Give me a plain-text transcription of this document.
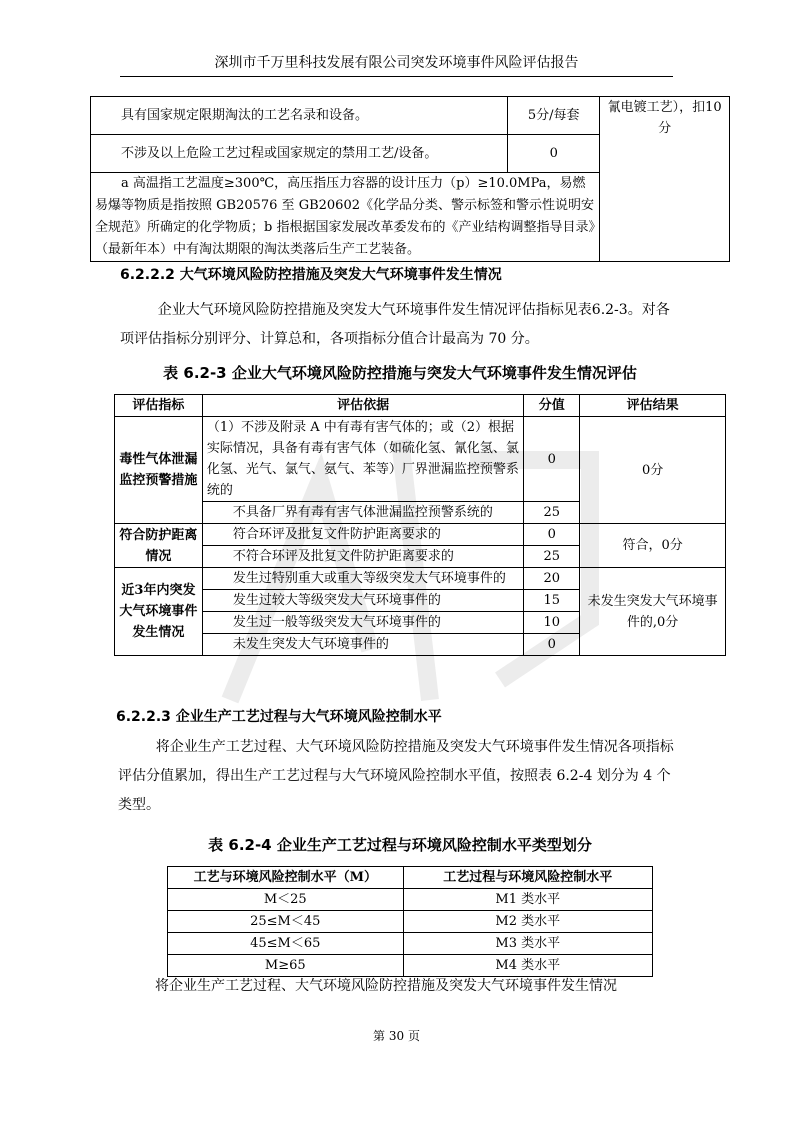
深圳市千万里科技发展有限公司突发环境事件风险评估报告
具有国家规定限期淘汰的工艺名录和设备。	5分/每套	氰电镀工艺），扣10分
不涉及以上危险工艺过程或国家规定的禁用工艺/设备。	0	
a 高温指工艺温度≥300℃，高压指压力容器的设计压力（p）≥10.0MPa，易燃易爆等物质是指按照 GB20576 至 GB20602《化学品分类、警示标签和警示性说明安全规范》所确定的化学物质；b 指根据国家发展改革委发布的《产业结构调整指导目录》（最新年本）中有淘汰期限的淘汰类落后生产工艺装备。		
6.2.2.2 大气环境风险防控措施及突发大气环境事件发生情况
企业大气环境风险防控措施及突发大气环境事件发生情况评估指标见表6.2-3。对各项评估指标分别评分、计算总和，各项指标分值合计最高为 70 分。
表 6.2-3 企业大气环境风险防控措施与突发大气环境事件发生情况评估
评估指标	评估依据	分值	评估结果
毒性气体泄漏监控预警措施	（1）不涉及附录 A 中有毒有害气体的；或（2）根据实际情况，具备有毒有害气体（如硫化氢、氰化氢、氯化氢、光气、氯气、氨气、苯等）厂界泄漏监控预警系统的	0	0分
	不具备厂界有毒有害气体泄漏监控预警系统的	25	
符合防护距离情况	符合环评及批复文件防护距离要求的	0	符合，0分
	不符合环评及批复文件防护距离要求的	25	
近3年内突发大气环境事件发生情况	发生过特别重大或重大等级突发大气环境事件的	20	未发生突发大气环境事件的,0分
	发生过较大等级突发大气环境事件的	15	
	发生过一般等级突发大气环境事件的	10	
	未发生突发大气环境事件的	0	
6.2.2.3 企业生产工艺过程与大气环境风险控制水平
将企业生产工艺过程、大气环境风险防控措施及突发大气环境事件发生情况各项指标评估分值累加，得出生产工艺过程与大气环境风险控制水平值，按照表 6.2-4 划分为 4 个类型。
表 6.2-4 企业生产工艺过程与环境风险控制水平类型划分
工艺与环境风险控制水平（M）	工艺过程与环境风险控制水平
M＜25	M1 类水平
25≤M＜45	M2 类水平
45≤M＜65	M3 类水平
M≥65	M4 类水平
将企业生产工艺过程、大气环境风险防控措施及突发大气环境事件发生情况
第 30 页
